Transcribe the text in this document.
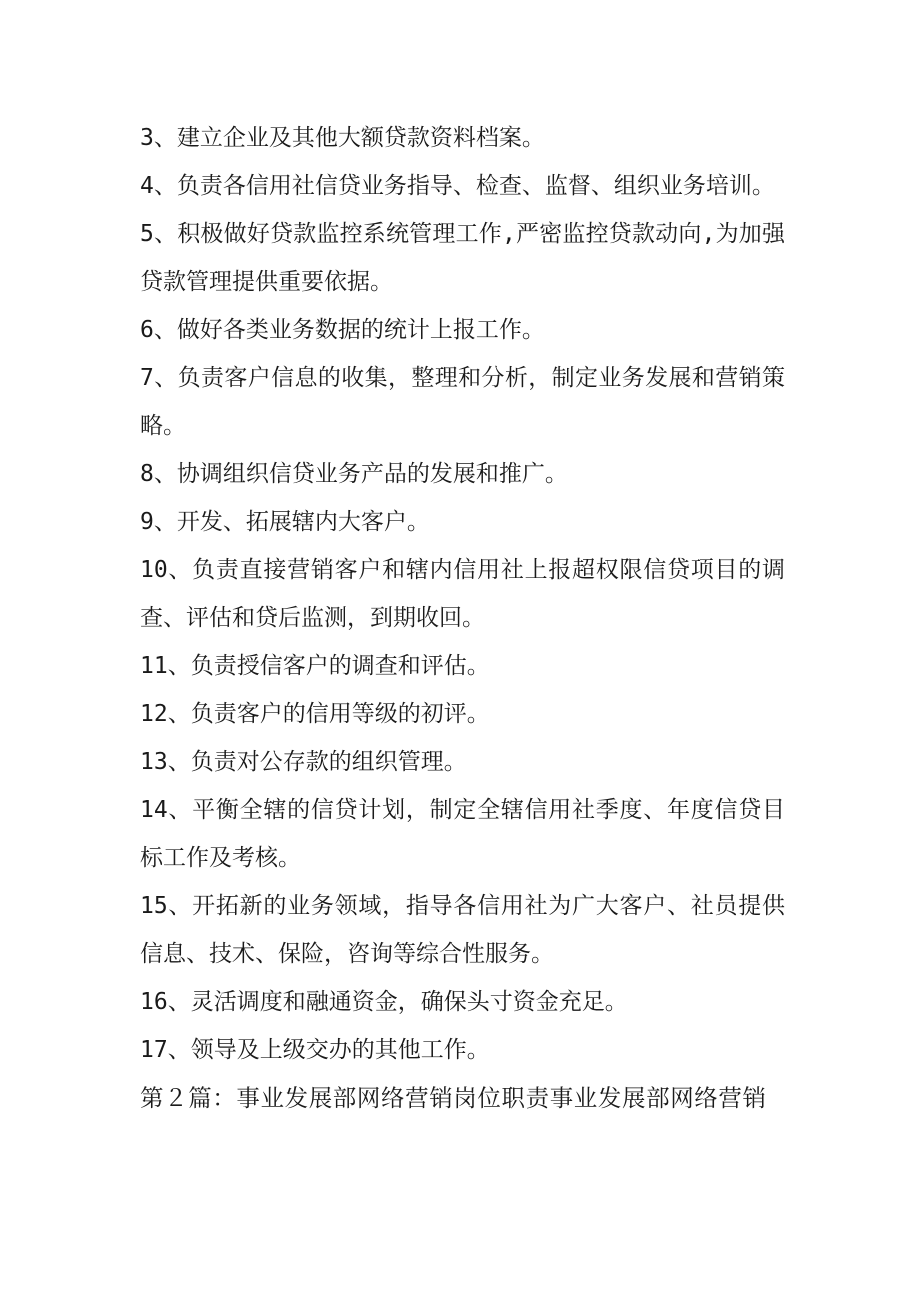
3、建立企业及其他大额贷款资料档案。

4、负责各信用社信贷业务指导、检查、监督、组织业务培训。

5、积极做好贷款监控系统管理工作,严密监控贷款动向,为加强贷款管理提供重要依据。

6、做好各类业务数据的统计上报工作。

7、负责客户信息的收集，整理和分析，制定业务发展和营销策略。

8、协调组织信贷业务产品的发展和推广。

9、开发、拓展辖内大客户。

10、负责直接营销客户和辖内信用社上报超权限信贷项目的调查、评估和贷后监测，到期收回。

11、负责授信客户的调查和评估。

12、负责客户的信用等级的初评。

13、负责对公存款的组织管理。

14、平衡全辖的信贷计划，制定全辖信用社季度、年度信贷目标工作及考核。

15、开拓新的业务领域，指导各信用社为广大客户、社员提供信息、技术、保险，咨询等综合性服务。

16、灵活调度和融通资金，确保头寸资金充足。

17、领导及上级交办的其他工作。

第２篇：事业发展部网络营销岗位职责事业发展部网络营销
